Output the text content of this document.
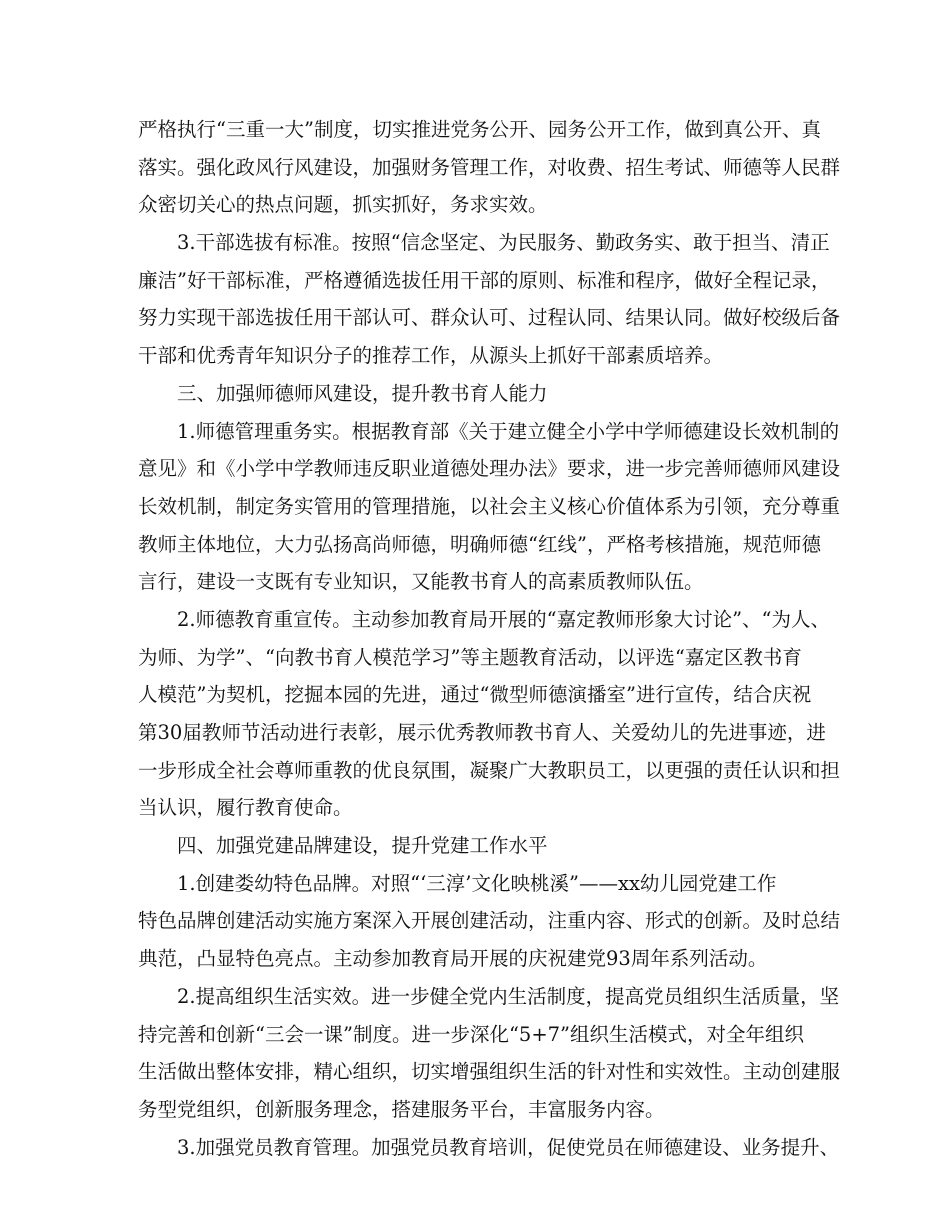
严格执行“三重一大”制度，切实推进党务公开、园务公开工作，做到真公开、真
落实。强化政风行风建设，加强财务管理工作，对收费、招生考试、师德等人民群
众密切关心的热点问题，抓实抓好，务求实效。
3.干部选拔有标准。按照“信念坚定、为民服务、勤政务实、敢于担当、清正
廉洁”好干部标准，严格遵循选拔任用干部的原则、标准和程序，做好全程记录，
努力实现干部选拔任用干部认可、群众认可、过程认同、结果认同。做好校级后备
干部和优秀青年知识分子的推荐工作，从源头上抓好干部素质培养。
三、加强师德师风建设，提升教书育人能力
1.师德管理重务实。根据教育部《关于建立健全小学中学师德建设长效机制的
意见》和《小学中学教师违反职业道德处理办法》要求，进一步完善师德师风建设
长效机制，制定务实管用的管理措施，以社会主义核心价值体系为引领，充分尊重
教师主体地位，大力弘扬高尚师德，明确师德“红线”，严格考核措施，规范师德
言行，建设一支既有专业知识，又能教书育人的高素质教师队伍。
2.师德教育重宣传。主动参加教育局开展的“嘉定教师形象大讨论”、“为人、
为师、为学”、“向教书育人模范学习”等主题教育活动，以评选“嘉定区教书育
人模范”为契机，挖掘本园的先进，通过“微型师德演播室”进行宣传，结合庆祝
第30届教师节活动进行表彰，展示优秀教师教书育人、关爱幼儿的先进事迹，进
一步形成全社会尊师重教的优良氛围，凝聚广大教职员工，以更强的责任认识和担
当认识，履行教育使命。
四、加强党建品牌建设，提升党建工作水平
1.创建娄幼特色品牌。对照“‘三淳’文化映桃溪”——xx幼儿园党建工作
特色品牌创建活动实施方案深入开展创建活动，注重内容、形式的创新。及时总结
典范，凸显特色亮点。主动参加教育局开展的庆祝建党93周年系列活动。
2.提高组织生活实效。进一步健全党内生活制度，提高党员组织生活质量，坚
持完善和创新“三会一课”制度。进一步深化“5+7”组织生活模式，对全年组织
生活做出整体安排，精心组织，切实增强组织生活的针对性和实效性。主动创建服
务型党组织，创新服务理念，搭建服务平台，丰富服务内容。
3.加强党员教育管理。加强党员教育培训，促使党员在师德建设、业务提升、
